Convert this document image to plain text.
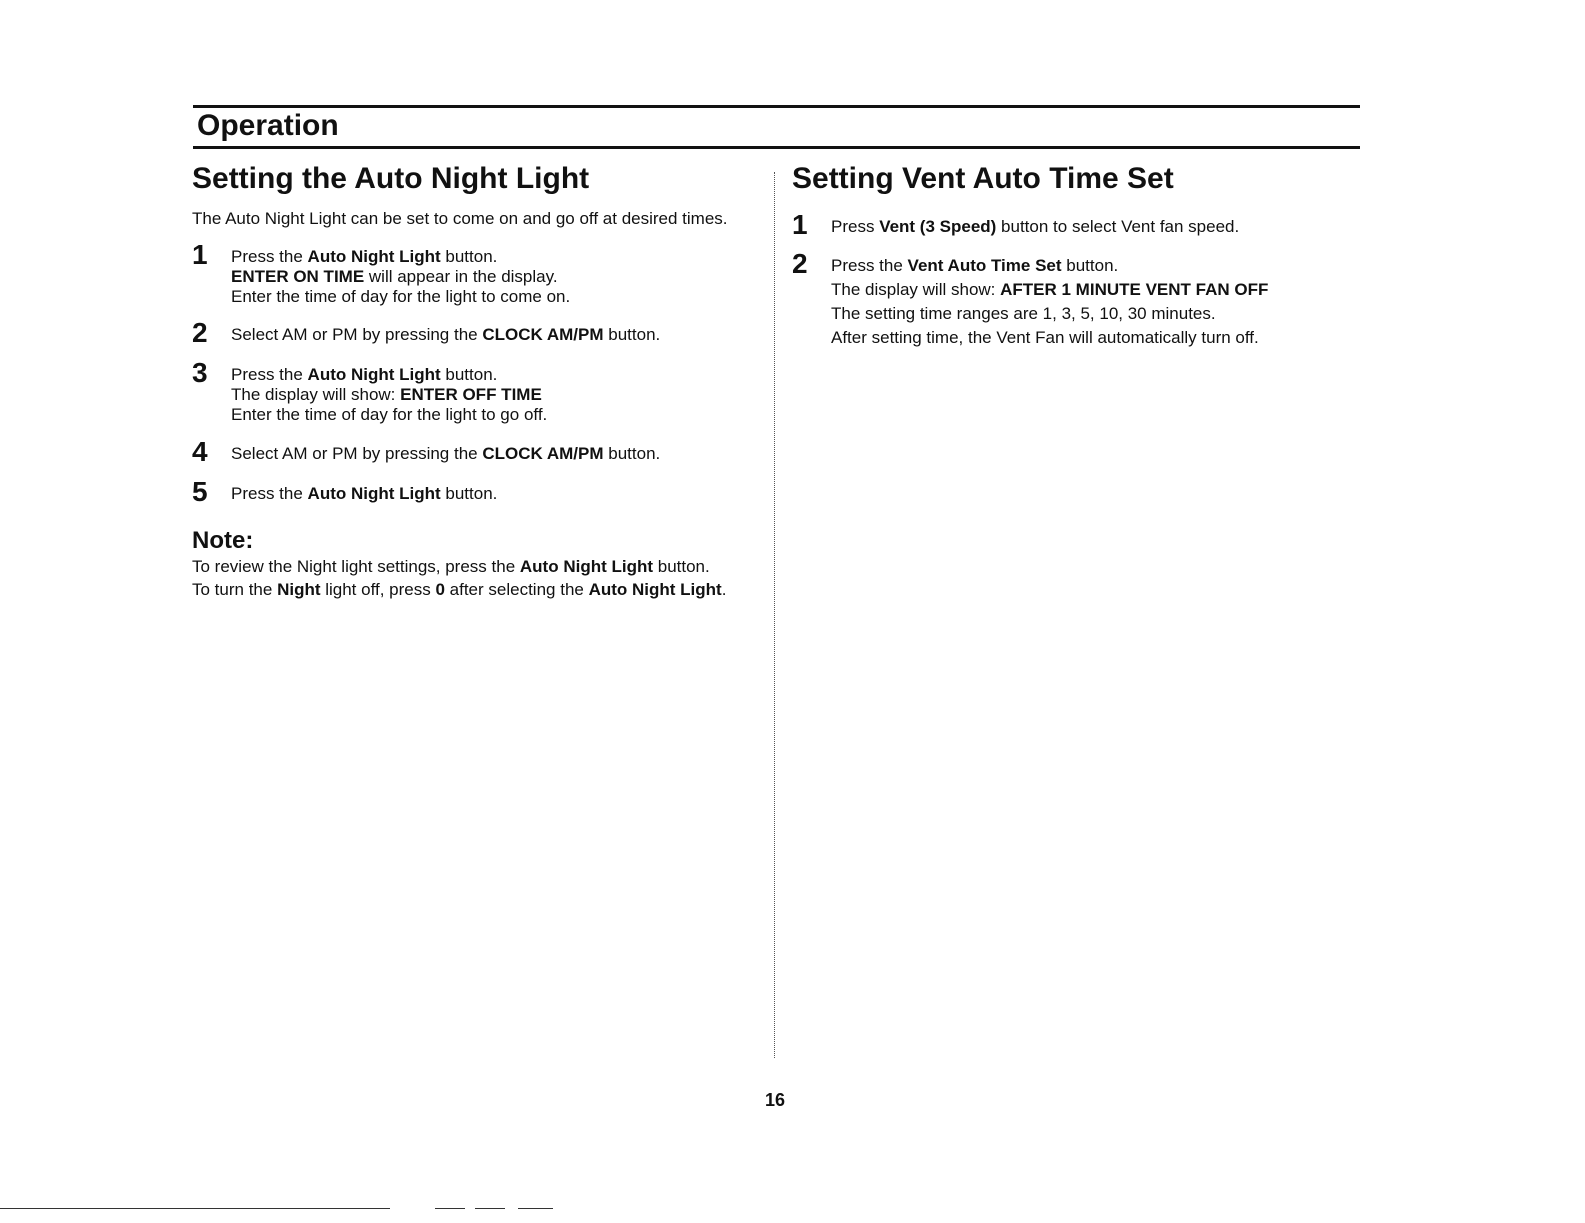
Operation
Setting the Auto Night Light
The Auto Night Light can be set to come on and go off at desired times.
1 Press the Auto Night Light button.
ENTER ON TIME will appear in the display.
Enter the time of day for the light to come on.
2 Select AM or PM by pressing the CLOCK AM/PM button.
3 Press the Auto Night Light button.
The display will show: ENTER OFF TIME
Enter the time of day for the light to go off.
4 Select AM or PM by pressing the CLOCK AM/PM button.
5 Press the Auto Night Light button.
Note:
To review the Night light settings, press the Auto Night Light button.
To turn the Night light off, press 0 after selecting the Auto Night Light.
Setting Vent Auto Time Set
1 Press Vent (3 Speed) button to select Vent fan speed.
2 Press the Vent Auto Time Set button.
The display will show: AFTER 1 MINUTE VENT FAN OFF
The setting time ranges are 1, 3, 5, 10, 30 minutes.
After setting time, the Vent Fan will automatically turn off.
16
